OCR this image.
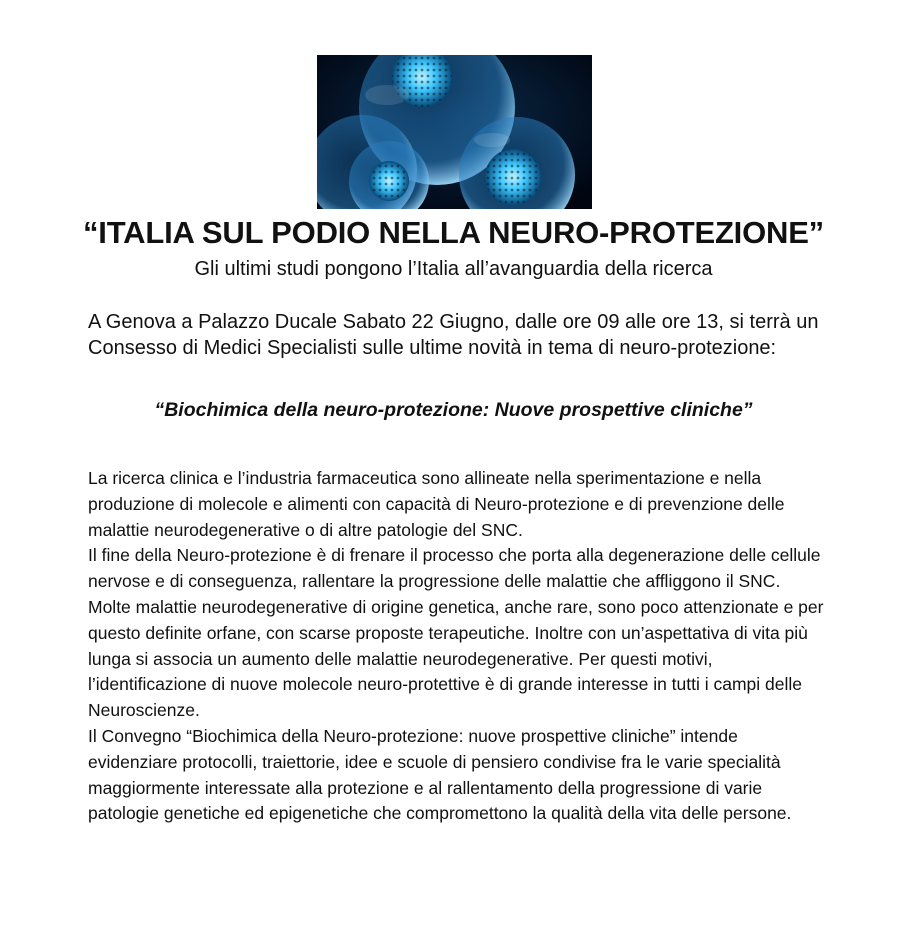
“ITALIA SUL PODIO NELLA NEURO-PROTEZIONE”

Gli ultimi studi pongono l’Italia all’avanguardia della ricerca

A Genova a Palazzo Ducale Sabato 22 Giugno, dalle ore 09 alle ore 13, si terrà un Consesso di Medici Specialisti sulle ultime novità in tema di neuro-protezione:

“Biochimica della neuro-protezione: Nuove prospettive cliniche”

La ricerca clinica e l’industria farmaceutica sono allineate nella sperimentazione e nella produzione di molecole e alimenti con capacità di Neuro-protezione e di prevenzione delle malattie neurodegenerative o di altre patologie del SNC.
Il fine della Neuro-protezione è di frenare il processo che porta alla degenerazione delle cellule nervose e di conseguenza, rallentare la progressione delle malattie che affliggono il SNC.
Molte malattie neurodegenerative di origine genetica, anche rare, sono poco attenzionate e per questo definite orfane, con scarse proposte terapeutiche. Inoltre con un’aspettativa di vita più lunga si associa un aumento delle malattie neurodegenerative. Per questi motivi, l’identificazione di nuove molecole neuro-protettive è di grande interesse in tutti i campi delle Neuroscienze.
Il Convegno “Biochimica della Neuro-protezione: nuove prospettive cliniche” intende evidenziare protocolli, traiettorie, idee e scuole di pensiero condivise fra le varie specialità maggiormente interessate alla protezione e al rallentamento della progressione di varie patologie genetiche ed epigenetiche che compromettono la qualità della vita delle persone.
